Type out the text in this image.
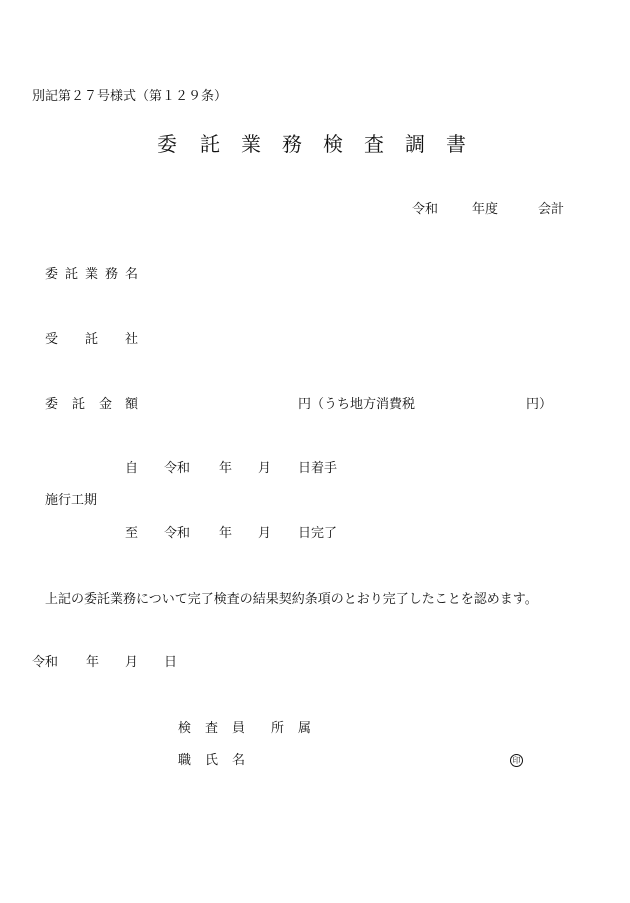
別記第２７号様式（第１２９条）
委 託 業 務 検 査 調 書
令和	年度	会計
委 託 業 務 名
受 託 社
委 託 金 額	円（うち地方消費税	円）
自 令和 年 月 日着手
施行工期
至 令和 年 月 日完了
上記の委託業務について完了検査の結果契約条項のとおり完了したことを認めます。
令和 年 月 日
検 査 員 所 属
職 氏 名	印
